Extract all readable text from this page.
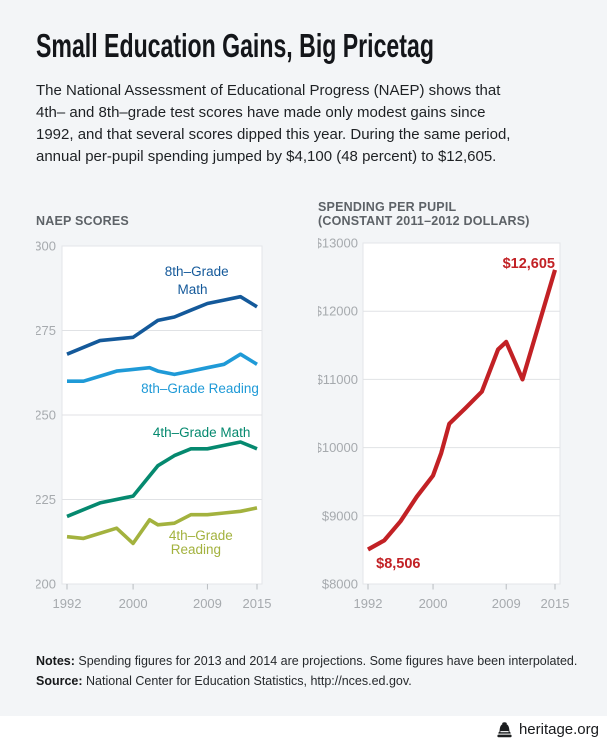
Small Education Gains, Big Pricetag
The National Assessment of Educational Progress (NAEP) shows that
4th– and 8th–grade test scores have made only modest gains since
1992, and that several scores dipped this year. During the same period,
annual per-pupil spending jumped by $4,100 (48 percent) to $12,605.
NAEP SCORES
300
275
250
225
200
1992	2000	2009 2015
8th–Grade
Math
8th–Grade Reading
4th–Grade Math
4th–Grade
Reading
SPENDING PER PUPIL
(CONSTANT 2011–2012 DOLLARS)
$13000
$12000
$11000
$10000
$9000
$8000
1992	2000	2009 2015
$12,605
$8,506
Notes: Spending figures for 2013 and 2014 are projections. Some figures have been interpolated.
Source: National Center for Education Statistics, http://nces.ed.gov.
heritage.org
